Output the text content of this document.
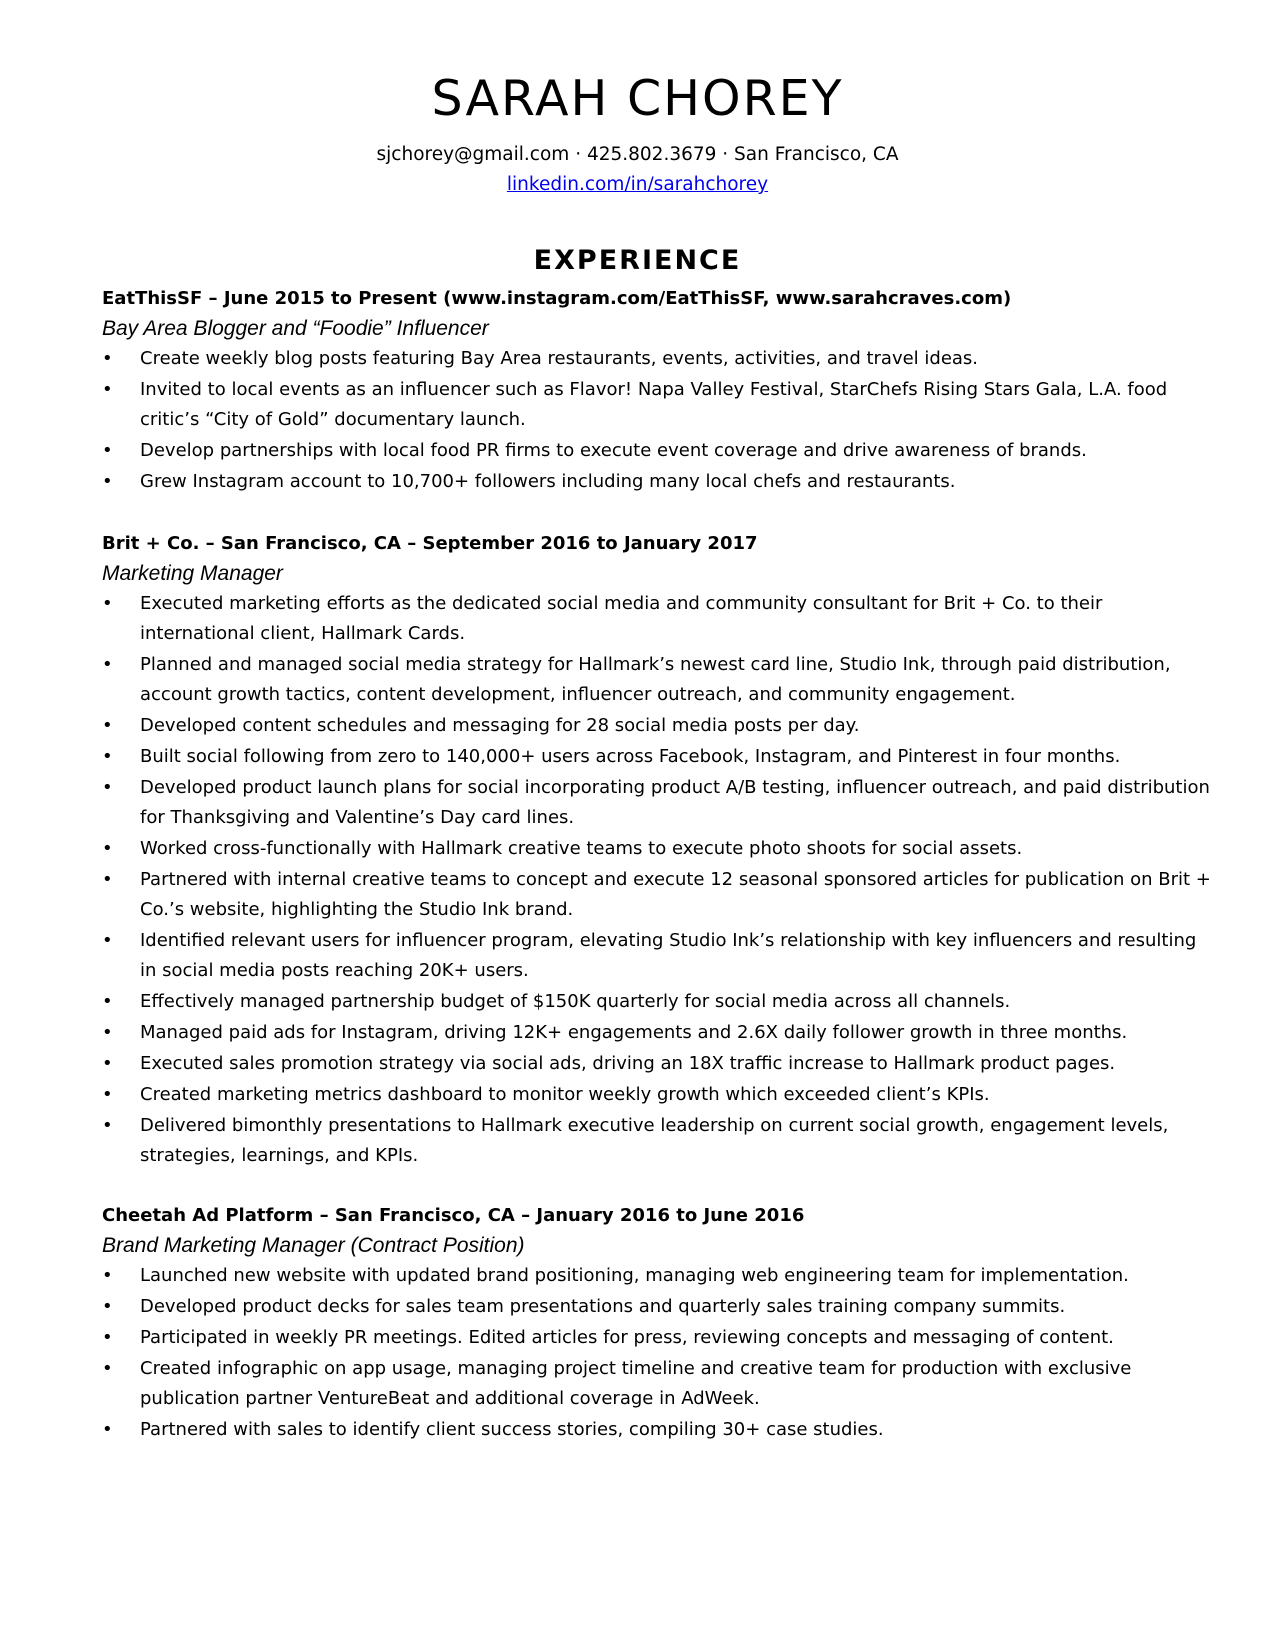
SARAH CHOREY
sjchorey@gmail.com · 425.802.3679 · San Francisco, CA
linkedin.com/in/sarahchorey
EXPERIENCE
EatThisSF – June 2015 to Present (www.instagram.com/EatThisSF, www.sarahcraves.com)
Bay Area Blogger and “Foodie” Influencer
• Create weekly blog posts featuring Bay Area restaurants, events, activities, and travel ideas.
• Invited to local events as an influencer such as Flavor! Napa Valley Festival, StarChefs Rising Stars Gala, L.A. food critic’s “City of Gold” documentary launch.
• Develop partnerships with local food PR firms to execute event coverage and drive awareness of brands.
• Grew Instagram account to 10,700+ followers including many local chefs and restaurants.
Brit + Co. – San Francisco, CA – September 2016 to January 2017
Marketing Manager
• Executed marketing efforts as the dedicated social media and community consultant for Brit + Co. to their international client, Hallmark Cards.
• Planned and managed social media strategy for Hallmark’s newest card line, Studio Ink, through paid distribution, account growth tactics, content development, influencer outreach, and community engagement.
• Developed content schedules and messaging for 28 social media posts per day.
• Built social following from zero to 140,000+ users across Facebook, Instagram, and Pinterest in four months.
• Developed product launch plans for social incorporating product A/B testing, influencer outreach, and paid distribution for Thanksgiving and Valentine’s Day card lines.
• Worked cross-functionally with Hallmark creative teams to execute photo shoots for social assets.
• Partnered with internal creative teams to concept and execute 12 seasonal sponsored articles for publication on Brit + Co.’s website, highlighting the Studio Ink brand.
• Identified relevant users for influencer program, elevating Studio Ink’s relationship with key influencers and resulting in social media posts reaching 20K+ users.
• Effectively managed partnership budget of $150K quarterly for social media across all channels.
• Managed paid ads for Instagram, driving 12K+ engagements and 2.6X daily follower growth in three months.
• Executed sales promotion strategy via social ads, driving an 18X traffic increase to Hallmark product pages.
• Created marketing metrics dashboard to monitor weekly growth which exceeded client’s KPIs.
• Delivered bimonthly presentations to Hallmark executive leadership on current social growth, engagement levels, strategies, learnings, and KPIs.
Cheetah Ad Platform – San Francisco, CA – January 2016 to June 2016
Brand Marketing Manager (Contract Position)
• Launched new website with updated brand positioning, managing web engineering team for implementation.
• Developed product decks for sales team presentations and quarterly sales training company summits.
• Participated in weekly PR meetings. Edited articles for press, reviewing concepts and messaging of content.
• Created infographic on app usage, managing project timeline and creative team for production with exclusive publication partner VentureBeat and additional coverage in AdWeek.
• Partnered with sales to identify client success stories, compiling 30+ case studies.
